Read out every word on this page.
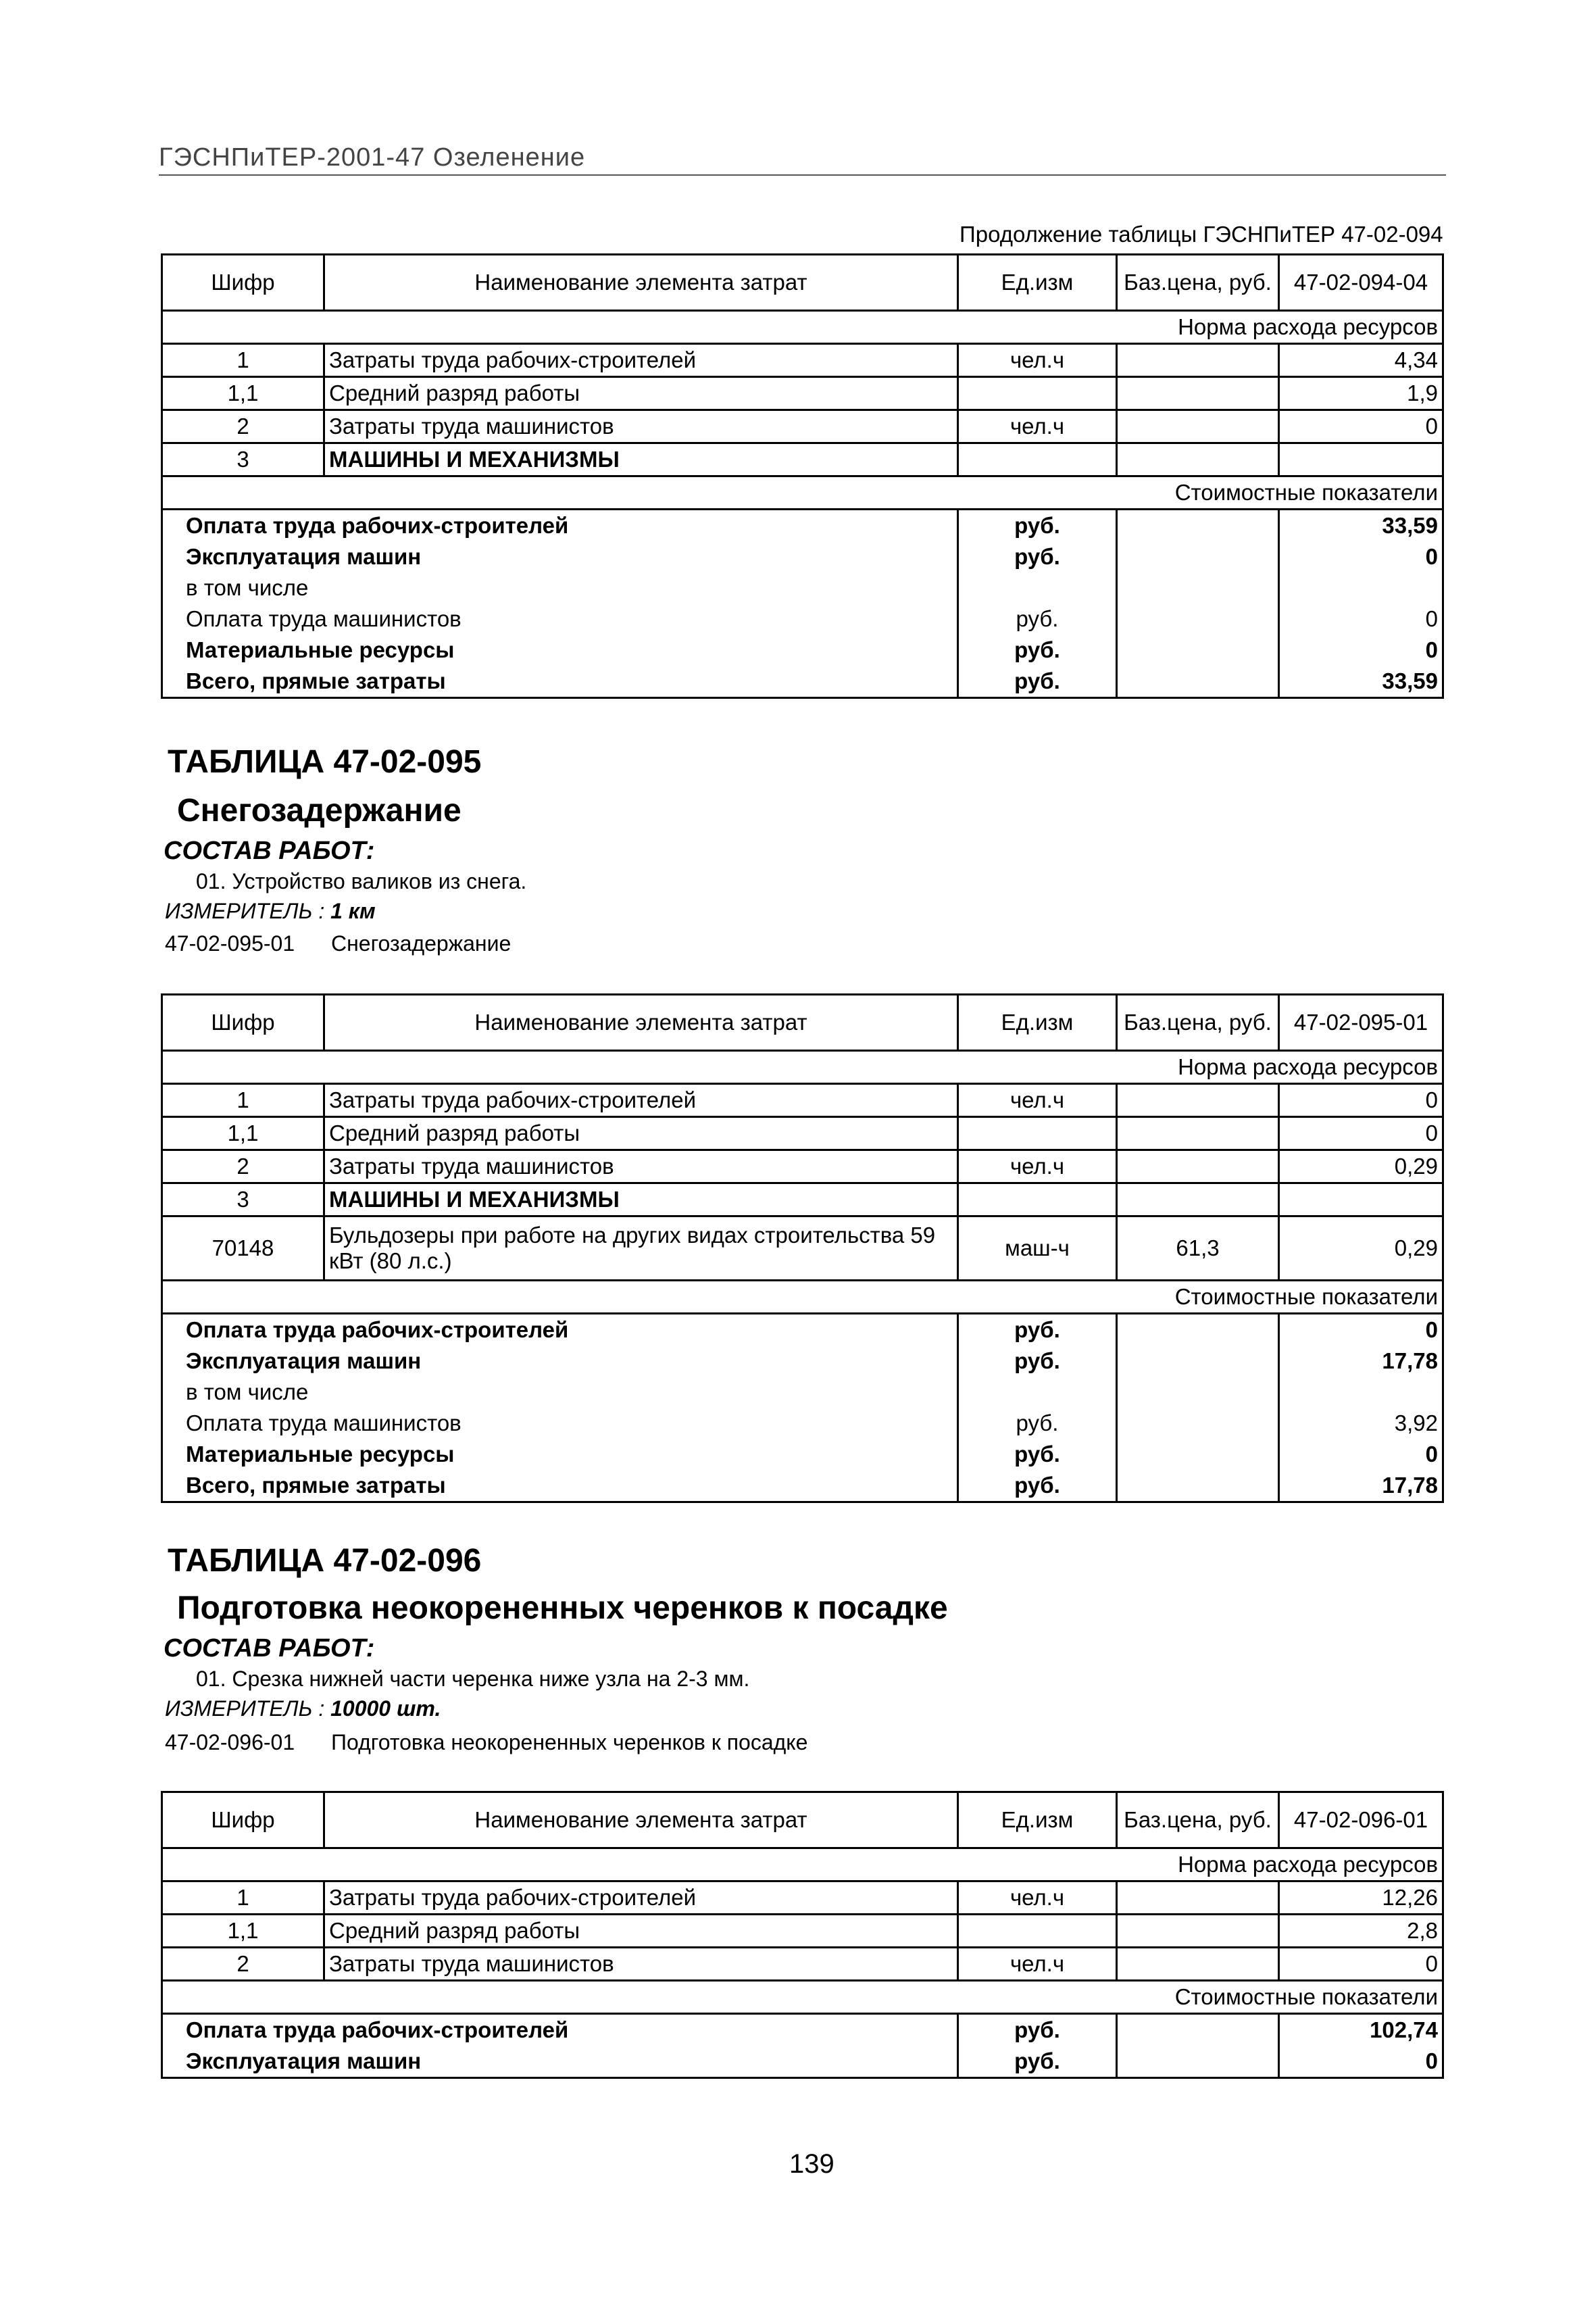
ГЭСНПиТЕР-2001-47 Озеленение
Продолжение таблицы ГЭСНПиТЕР 47-02-094
Шифр	Наименование элемента затрат	Ед.изм	Баз.цена, руб.	47-02-094-04
Норма расхода ресурсов				
1	Затраты труда рабочих-строителей	чел.ч		4,34
1,1	Средний разряд работы			1,9
2	Затраты труда машинистов	чел.ч		0
3	МАШИНЫ И МЕХАНИЗМЫ			
Стоимостные показатели				
Оплата труда рабочих-строителей		руб.		33,59
Эксплуатация машин		руб.		0
в том числе				
Оплата труда машинистов		руб.		0
Материальные ресурсы		руб.		0
Всего, прямые затраты		руб.		33,59
ТАБЛИЦА 47-02-095
Снегозадержание
СОСТАВ РАБОТ:
01. Устройство валиков из снега.
ИЗМЕРИТЕЛЬ : 1 км
47-02-095-01 Снегозадержание
Шифр	Наименование элемента затрат	Ед.изм	Баз.цена, руб.	47-02-095-01
Норма расхода ресурсов				
1	Затраты труда рабочих-строителей	чел.ч		0
1,1	Средний разряд работы			0
2	Затраты труда машинистов	чел.ч		0,29
3	МАШИНЫ И МЕХАНИЗМЫ			
70148	Бульдозеры при работе на других видах строительства 59 кВт (80 л.с.)	маш-ч	61,3	0,29
Стоимостные показатели				
Оплата труда рабочих-строителей		руб.		0
Эксплуатация машин		руб.		17,78
в том числе				
Оплата труда машинистов		руб.		3,92
Материальные ресурсы		руб.		0
Всего, прямые затраты		руб.		17,78
ТАБЛИЦА 47-02-096
Подготовка неокорененных черенков к посадке
СОСТАВ РАБОТ:
01. Срезка нижней части черенка ниже узла на 2-3 мм.
ИЗМЕРИТЕЛЬ : 10000 шт.
47-02-096-01 Подготовка неокорененных черенков к посадке
Шифр	Наименование элемента затрат	Ед.изм	Баз.цена, руб.	47-02-096-01
Норма расхода ресурсов				
1	Затраты труда рабочих-строителей	чел.ч		12,26
1,1	Средний разряд работы			2,8
2	Затраты труда машинистов	чел.ч		0
Стоимостные показатели				
Оплата труда рабочих-строителей		руб.		102,74
Эксплуатация машин		руб.		0
139
